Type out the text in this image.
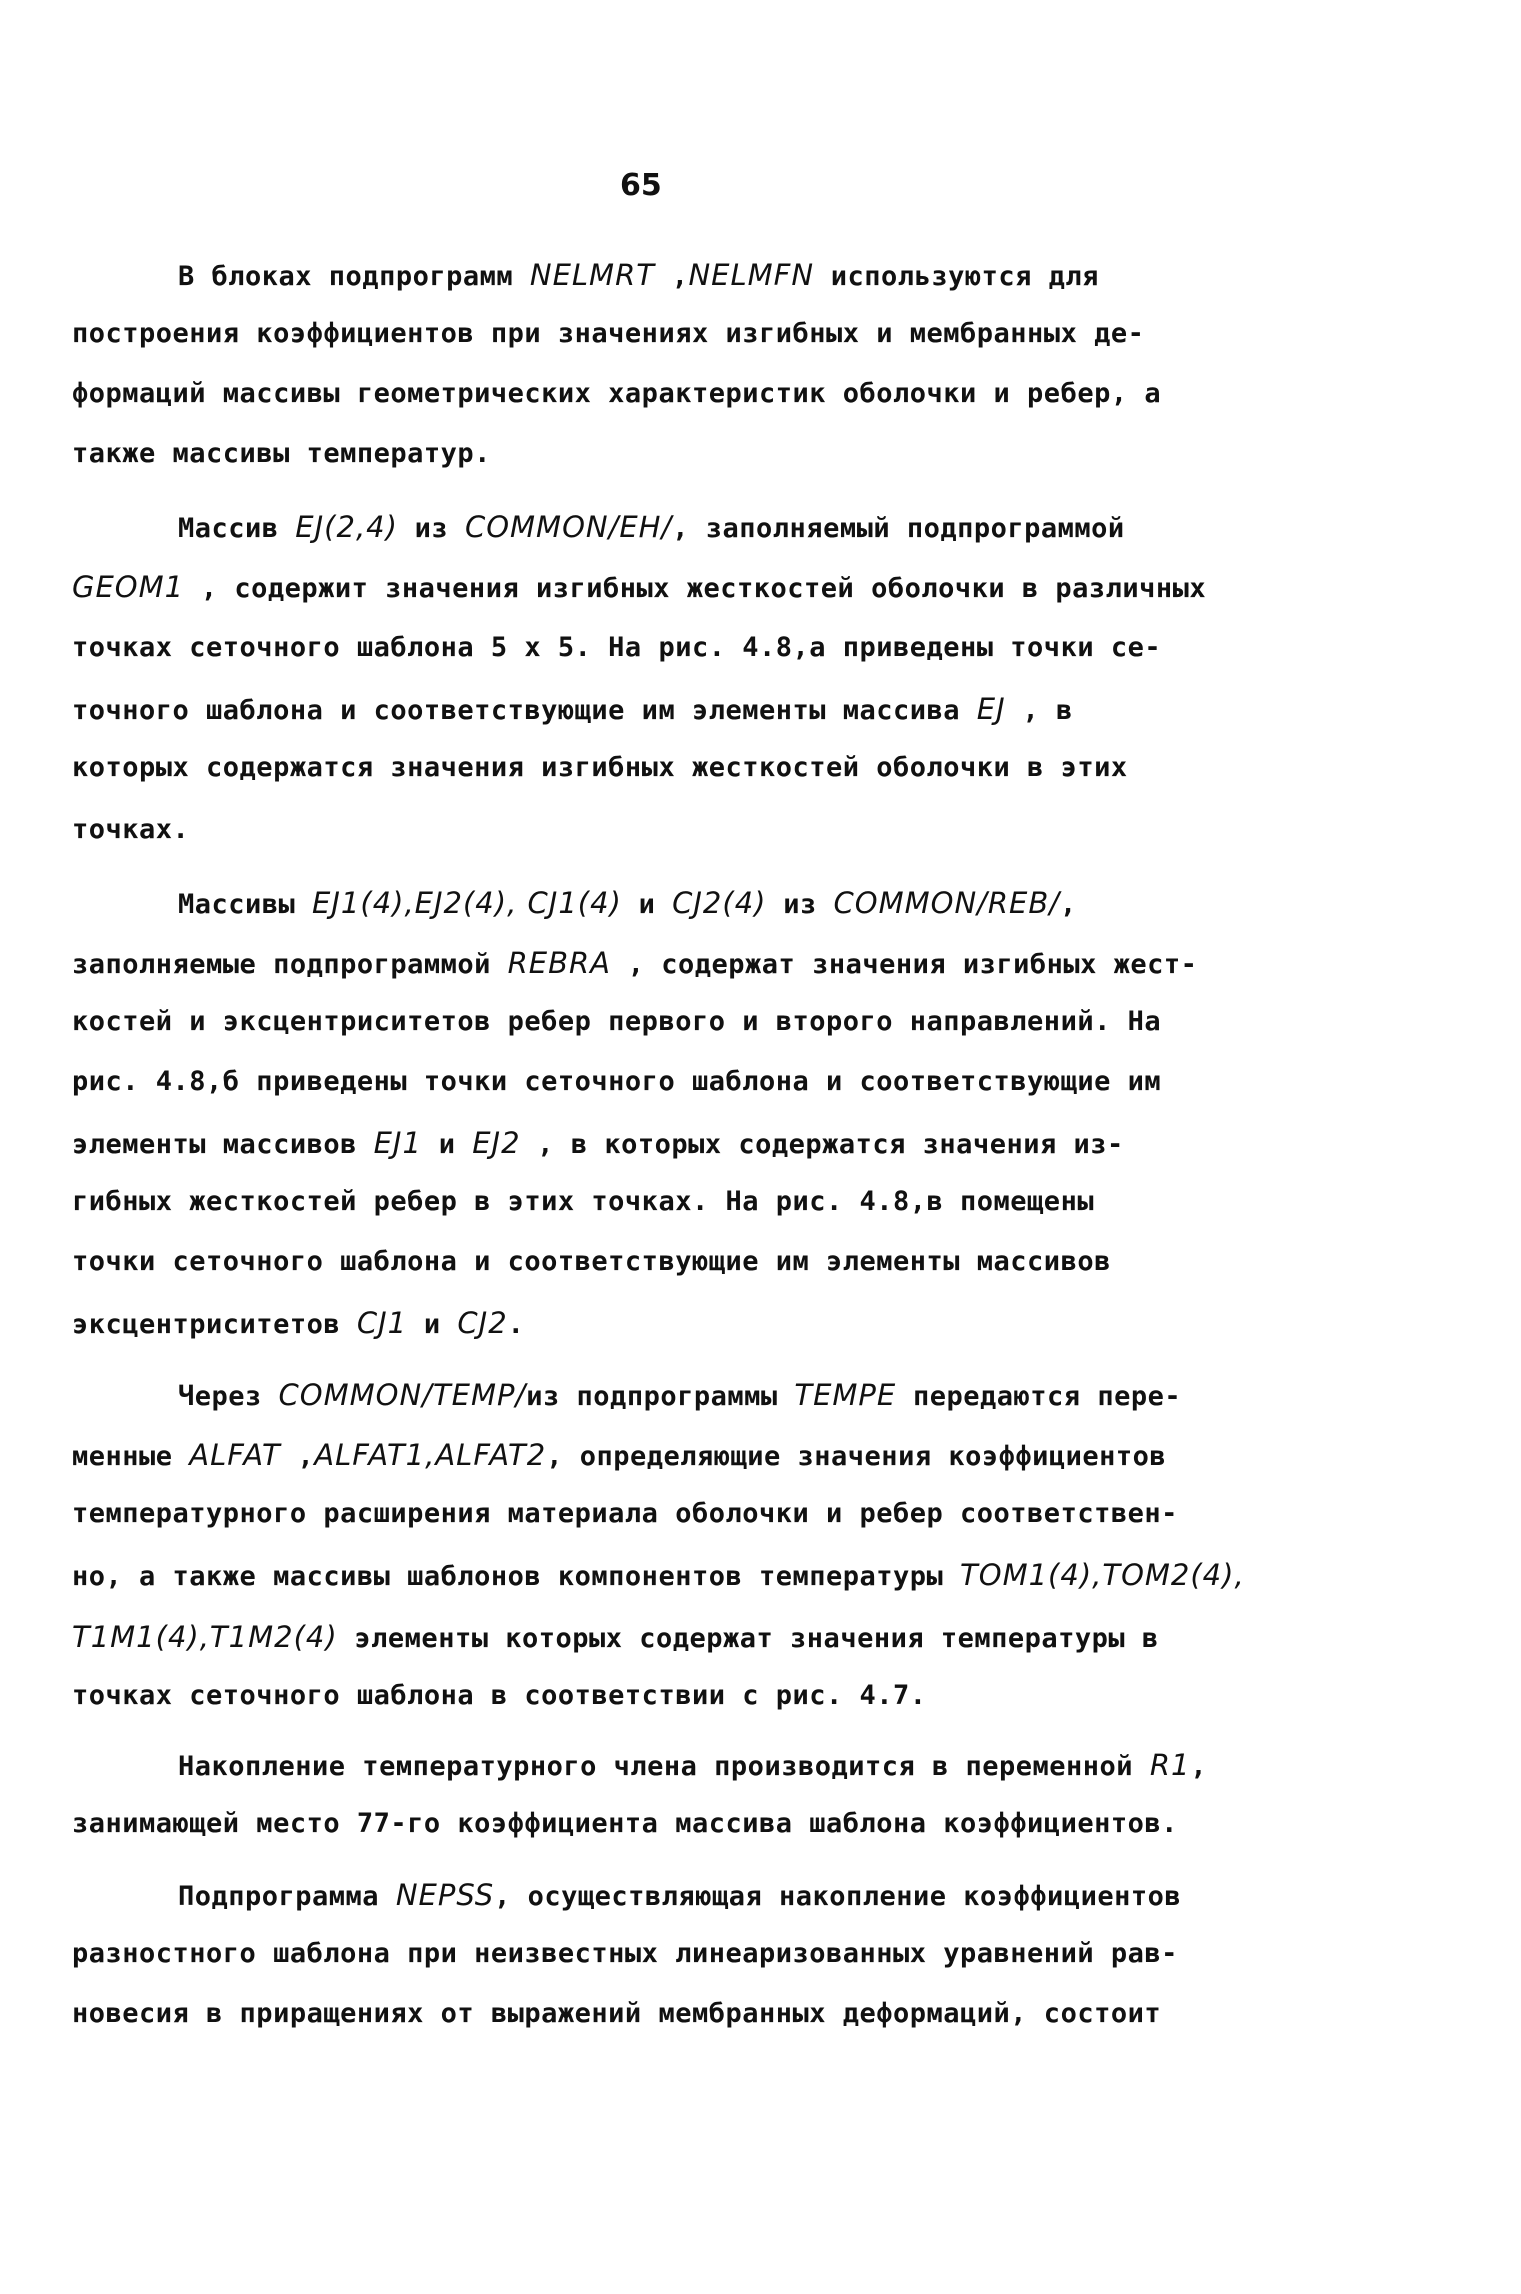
65
В блоках подпрограмм NELMRT ,NELMFN используются для
построения коэффициентов при значениях изгибных и мембранных де-
формаций массивы геометрических характеристик оболочки и ребер, а
также массивы температур.
Массив EJ(2,4) из COMMON/EH/, заполняемый подпрограммой
GEOM1 , содержит значения изгибных жесткостей оболочки в различных
точках сеточного шаблона 5 х 5. На рис. 4.8,а приведены точки се-
точного шаблона и соответствующие им элементы массива EJ , в
которых содержатся значения изгибных жесткостей оболочки в этих
точках.
Массивы EJ1(4),EJ2(4), CJ1(4) и CJ2(4) из COMMON/REB/,
заполняемые подпрограммой REBRA , содержат значения изгибных жест-
костей и эксцентриситетов ребер первого и второго направлений. На
рис. 4.8,б приведены точки сеточного шаблона и соответствующие им
элементы массивов EJ1 и EJ2 , в которых содержатся значения из-
гибных жесткостей ребер в этих точках. На рис. 4.8,в помещены
точки сеточного шаблона и соответствующие им элементы массивов
эксцентриситетов CJ1 и CJ2.
Через COMMON/TEMP/из подпрограммы TEMPE передаются пере-
менные ALFAT ,ALFAT1,ALFAT2, определяющие значения коэффициентов
температурного расширения материала оболочки и ребер соответствен-
но, а также массивы шаблонов компонентов температуры TOM1(4),TOM2(4),
T1M1(4),T1M2(4) элементы которых содержат значения температуры в
точках сеточного шаблона в соответствии с рис. 4.7.
Накопление температурного члена производится в переменной R1,
занимающей место 77-го коэффициента массива шаблона коэффициентов.
Подпрограмма NEPSS, осуществляющая накопление коэффициентов
разностного шаблона при неизвестных линеаризованных уравнений рав-
новесия в приращениях от выражений мембранных деформаций, состоит
